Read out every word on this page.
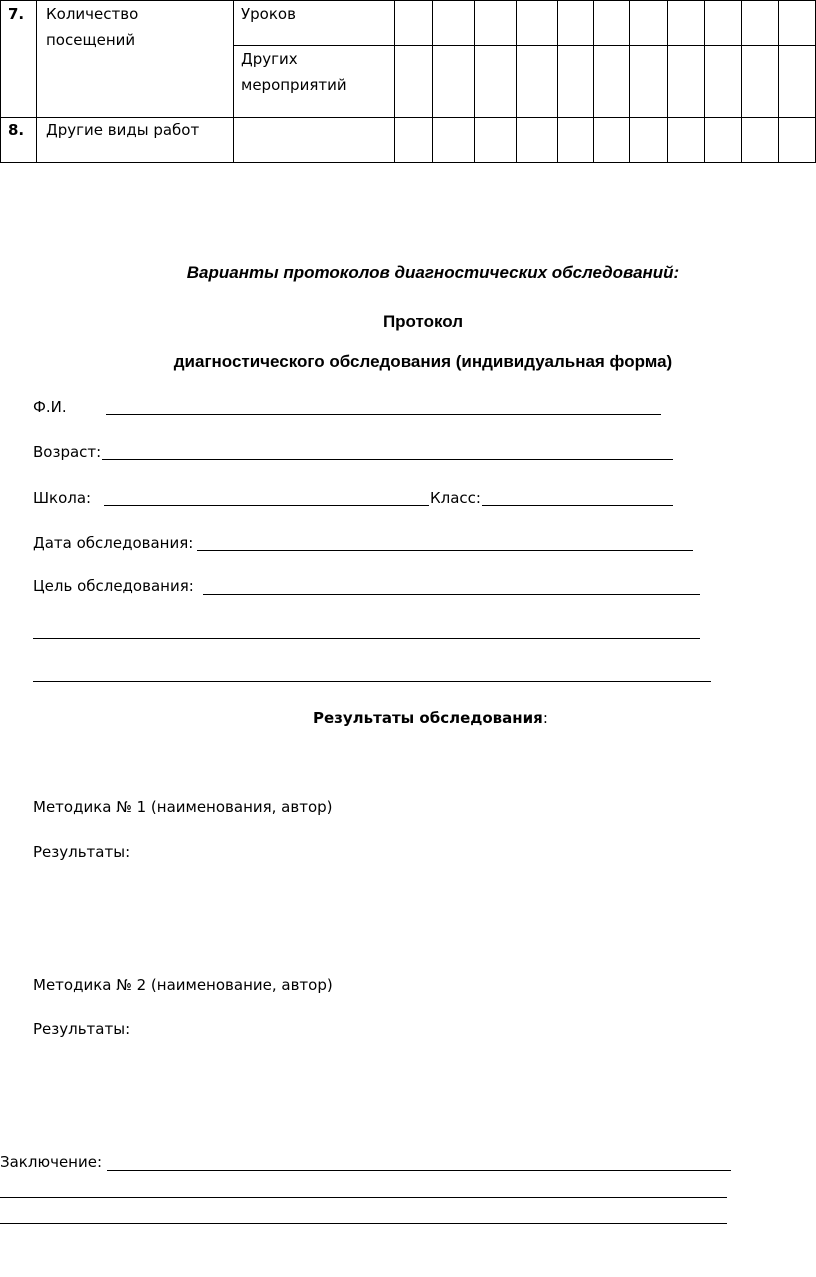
7. Количество посещений
Уроков
Других мероприятий
8. Другие виды работ
Варианты протоколов диагностических обследований:
Протокол
диагностического обследования (индивидуальная форма)
Ф.И.
Возраст:
Школа:	Класс:
Дата обследования:
Цель обследования:
Результаты обследования:
Методика № 1 (наименования, автор)
Результаты:
Методика № 2 (наименование, автор)
Результаты:
Заключение:
